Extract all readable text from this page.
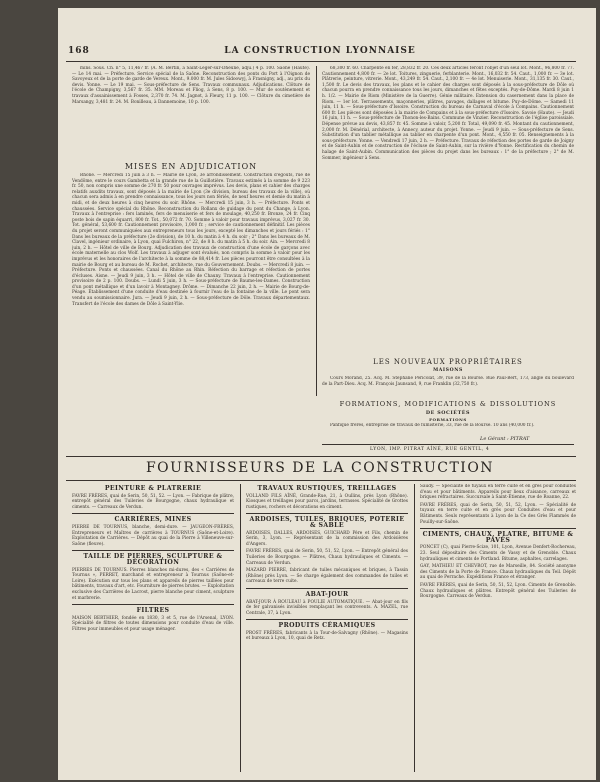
168	LA CONSTRUCTION LYONNAISE

mins. Sous. Ch. n° 5, 11,467 fr. (A. M. Bertin, à Saint-Léger-sur-Dheune, adju.) 4 p. 100. Saône (Haute). — Le 14 mai. — Préfecture. Service spécial de la Saône. Reconstruction des ponts du Port à l'Oignon de Savoyeux et de la porte de garde de Vereux. Mont., 9.000 fr. M. Jules Sidoowyj, à Frasnigny, adj., au prix du devis. Yonne. — Le 19 mai. — Sous-préfecture de Sens. Travaux communaux. Adjudications. Clôture de l'école de Champigny, 3,567 fr. 35. MM. Moreau et Fliog, à Sens, 8 p. 100. — Mur de soutènement et travaux d'assainissement à Fosses, 2,370 fr. 74. M. Jagnot, à Fleury, 11 p. 100. — Clôture du cimetière de Marsangy, 3,481 fr. 24. M. Bonilleau, à Dannemoine, 10 p. 100.

MISES EN ADJUDICATION

Rhône. — Mercredi 15 juin à 3 h. — Mairie de Lyon, 3e arrondissement. Construction d'égouts, rue de Vendôme, entre le cours Gambetta et la grande rue de la Guillotière. Travaux estimés à la somme de 9 223 fr. 50, non compris une somme de 270 fr. 50 pour ouvrages imprévus. Les devis, plans et cahier des charges relatifs auxdits travaux, sont déposés à la mairie de Lyon (3e division, bureau des travaux de la ville), où chacun sera admis à en prendre connaissance, tous les jours non fériés, de neuf heures et demie du matin à midi, et de deux heures à cinq heures du soir. Rhône. — Mercredi 15 juin, 3 h. — Préfecture. Ponts et chaussées. Service spécial du Rhône. Reconstruction du Rollanx de guidage du pont du Change, à Lyon. Travaux à l'entreprise : fers laminés, fers de menuiserie et fers de moulage, 40,250 fr. Bronze, 24 fr. Cinq poste bois de sapin équarri, 800 fr. Tot., 50,072 fr. 70. Somme à valoir pour travaux imprévus, 3,027 fr. 30. Tot. général, 53,600 fr. Cautionnement provisoire, 1,000 fr. ; service de cautionnement définitif. Les pièces du projet seront communiquées aux entrepreneurs tous les jours, excepté les dimanches et jours fériés : 1° Dans les bureaux de la préfecture (2e division), de 10 h. du matin à 4 h. du soir ; 2° Dans les bureaux de M. Clavel, ingénieur ordinaire, à Lyon, quai Fulchiron, n° 22, de 8 h. du matin à 5 h. du soir. Ain. — Mercredi 8 juin, 2 h. — Hôtel de ville de Bourg. Adjudication des travaux de construction d'une école de garçons avec école maternelle au clos Wolf. Les travaux à adjuger sont évalués, non compris la somme à valoir pour les imprévus et les honoraires de l'architecte à la somme de 88,414 fr. Les pièces pourront être consultées à la mairie de Bourg et au bureau de M. Rochet, architecte, rue du Gouvernement. Doubs. — Mercredi 8 juin. — Préfecture. Ponts et chaussées. Canal du Rhône au Rhin. Réfection du barrage et réfection de portes d'écluses. Aisne. — Jeudi 9 juin, 3 h. — Hôtel de ville de Chauny. Travaux à l'entreprise. Cautionnement provisoire de 2 p. 100. Doubs. — Lundi 5 juin, 3 h. — Sous-préfecture de Baume-les-Dames. Construction d'un pont métallique et d'un lavoir à Montagney. Drôme. — Dimanche 22 juin, 2 h. — Mairie de Bourg-de-Péage. Établissement d'une conduite d'eau destinée à fournir l'eau de la fontaine de la ville. Le pont sera vendu au soumissionnaire. Jura. — Jeudi 9 juin, 2 h. — Sous-préfecture de Dôle. Travaux départementaux. Transfert de l'école des dames de Dôle à Saint-Ylie.

68,300 fr. 60. Charpente en fer, 28,832 fr. 20. Ces deux articles feront l'objet d'un seul lot. Mont., 96,800 fr. 77. Cautionnement 4,800 fr. — 2e lot. Toitures, zinguerie, ferblanterie. Mont., 16,032 fr. 54. Caut., 1,000 fr. — 3e lot. Plâtrerie, peinture, vitrerie. Mont., 43,249 fr. 54. Caut., 2,100 fr. — 4e lot. Menuiserie. Mont., 31,135 fr. 30. Caut., 1,500 fr. Le devis des travaux, les plans et le cahier des charges sont déposés à la sous-préfecture de Dôle où chacun pourra en prendre connaissance tous les jours, dimanches et fêtes exceptés. Puy-de-Dôme. Mardi 8 juin 1 h. 1/2. — Mairie de Riom (Ministère de la Guerre). Génie militaire. Extension du casernement dans la place de Riom. — 1er lot. Terrassements, maçonneries, plâtres, pavages, dallages et bitume. Puy-de-Dôme. — Samedi 11 juin, 11 h. — Sous-préfecture d'Issoire. Construction du bureau de Carnaval d'école à Compains. Cautionnement 600 fr. Les pièces sont déposées à la mairie de Compains et à la sous-préfecture d'Issoire. Savoie (Haute). — Jeudi 16 juin, 11 h. — Sous-préfecture de Thonon-les-Bains. Commune de Vinzier. Reconstruction de l'église paroissiale. Dépense prévue au devis, 43,857 fr. 45. Somme à valoir, 5,200 fr. Total, 49,090 fr. 45. Montant du cautionnement, 2,000 fr. M. Dénérial, architecte, à Annecy, auteur du projet. Yonne. — Jeudi 9 juin. — Sous-préfecture de Sens. Substitution d'un tablier métallique au tablier en charpente d'un pont. Mont., 4,550 fr. 05. Renseignements à la sous-préfecture. Yonne. — Vendredi 17 juin, 2 h. — Préfecture. Travaux de réfection des portes de garde de Joigny et de Saint-Aubin et de construction de l'écluse de Saint-Aubin, sur la rivière d'Yonne. Rectification du chemin de halage de Saint-Aubin. Communication des pièces du projet dans les bureaux : 1° de la préfecture ; 2° de M. Sommer, ingénieur à Sens.

LES NOUVEAUX PROPRIÉTAIRES
MAISONS

Cours Morand, 25. Acq. M. Stéphane Pericolat, 39, rue de la Bourse. Rue Paul-Bert, 173, angle du boulevard de la Part-Dieu. Acq. M. François Jaunsand, 9, rue Franklin (32,750 fr.).

FORMATIONS, MODIFICATIONS & DISSOLUTIONS
DE SOCIÉTÉS
FORMATIONS

Panfique frères, entreprise de travaux de fumisterie, 33, rue de la Bourse. 10 ans (40,000 fr.).

Le Gérant : PITRAT
LYON, IMP. PITRAT AÎNÉ, RUE GENTIL, 4
FOURNISSEURS DE LA CONSTRUCTION
PEINTURE & PLATRERIE
FAVRE FRÈRES, quai de Serin, 50, 51, 52. — Lyon. — Fabrique de plâtre, entrepôt général des Tuileries de Bourgogne, chaux hydraulique et ciments. — Carreaux de Verdun.
CARRIÈRES, MINES
PIERRE DE TOURNUS, blanche, demi-dure. — JAUGEON-FRÈRES, Entrepreneurs et Maîtres de carrières à TOURNUS (Saône-et-Loire). Exploitation de Carrières. — Dépôt au quai de la Pierre à Villeneuve-sur-Saône (fleuve).
TAILLE DE PIERRES, SCULPTURE & DÉCORATION
PIERRES DE TOURNUS. Pierres blanches mi-dures, des « Carrières de Tournus », PERRET, marchand et entrepreneur à Tournus (Saône-et-Loire). Exécution sur tous les plans et appareils de pierres taillées pour bâtiments, travaux d'art, etc. Fourniture de pierres brutes. — Exploitation exclusive des Carrières de Lacrost, pierre blanche pour ciment, sculpture et marbrerie.
FILTRES
MAISON BERTHIER, fondée en 1830, 3 et 5, rue de l'Arsenal, LYON. Spécialité de filtres de toutes dimensions pour conduite d'eau de ville. Filtres pour immeubles et pour usage ménager.
TRAVAUX RUSTIQUES, TREILLAGES
VOLLAND FILS AÎNÉ, Grande-Rue, 21, à Oullins, près Lyon (Rhône). Kiosques et treillages pour parcs, jardins, terrasses. Spécialité de Grottes rustiques, rochers et décorations en ciment.
ARDOISES, TUILES, BRIQUES, POTERIE & SABLE
ARDOISES, DALLES, ARDOISES, GUICHARD Père et Fils, chemin de Serin, 3, Lyon. — Représentant de la commission des Ardoisières d'Angers.
FAVRE FRÈRES, quai de Serin, 50, 51, 52, Lyon. — Entrepôt général des Tuileries de Bourgogne. — Plâtres, Chaux hydrauliques et Ciments. — Carreaux de Verdun.
MAZARD PIERRE, fabricant de tuiles mécaniques et briques, à Tassin (Rhône) près Lyon. — Se charge également des commandes de tuiles et carreaux de terre cuite.
ABAT-JOUR
ABAT-JOUR À ROULEAU à POULIE AUTOMATIQUE. — Abat-jour en fils de fer galvanisés invisibles remplaçant les contrevents. A. MAZEL, rue Centrale, 37, à Lyon.
PRODUITS CÉRAMIQUES
PROST FRÈRES, fabricants à la Tour-de-Salvagny (Rhône). — Magasins et bureaux à Lyon, 10, quai de Retz.
Saudy. — Spécialité de tuyaux en terre cuite et en grès pour conduites d'eau et pour bâtiments. Appareils pour lieux d'aisance, carreaux et briques réfractaires. Succursale à Saint-Étienne, rue de Roanne, 22.
FAVRE FRÈRES, quai de Serin, 50, 51, 52, Lyon. — Spécialité de tuyaux en terre cuite et en grès pour Conduites d'eau et pour Bâtiments. Seuls représentants à Lyon de la Ce des Grès Flammés de Pouilly-sur-Saône.
CIMENTS, CHAUX, PLATRE, BITUME & PAVÉS
PONCET (C), quai Pierre-Scize, 101, Lyon, Avenue Denfert-Rochereau, 23. Seul dépositaire des Ciments de Vassy et de Grenoble. Chaux hydrauliques et ciments de Portland. Bitume, asphaltes, carrelages.
GAY, MATHIEU ET CHEVROT, rue de Marseille, 84. Société anonyme des Ciments de la Porte de France. Chaux hydrauliques du Teil. Dépôt au quai de Perrache. Expéditions France et étranger.
FAVRE FRÈRES, quai de Serin, 50, 51, 52, Lyon. Ciments de Grenoble. Chaux hydrauliques et plâtres. Entrepôt général des Tuileries de Bourgogne. Carreaux de Verdun.
